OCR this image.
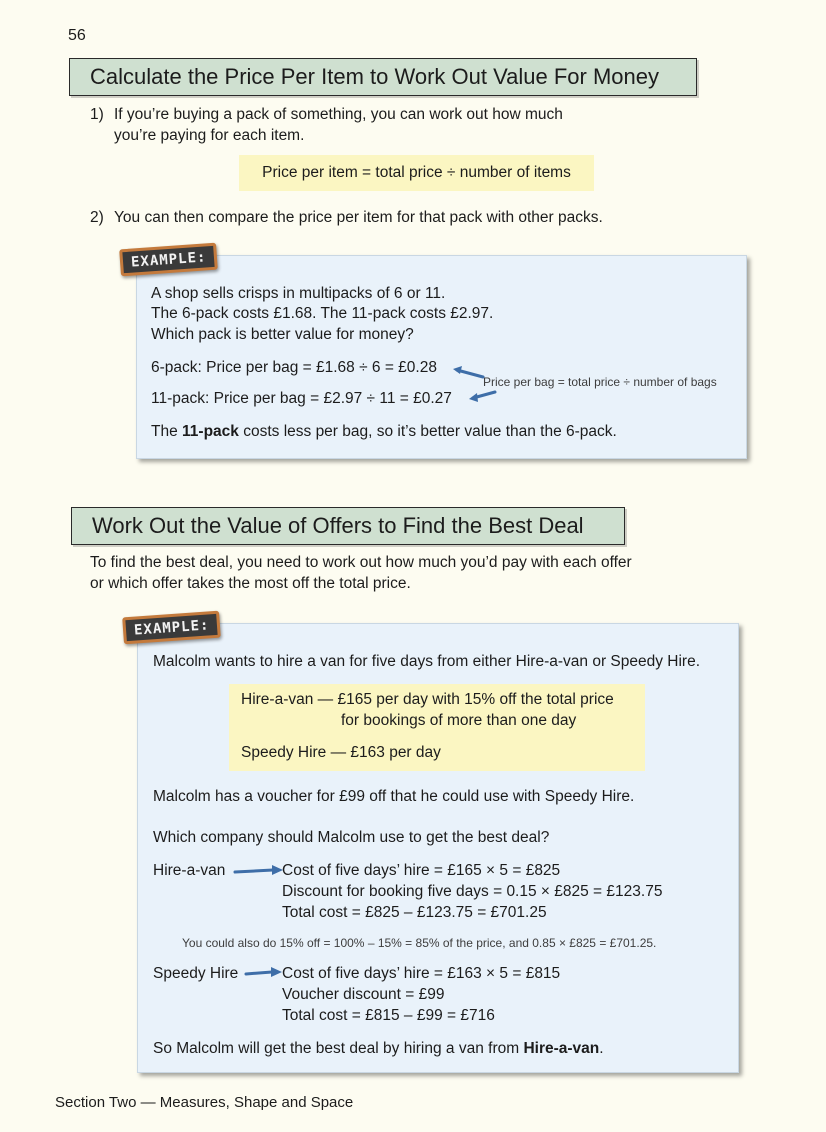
56
Calculate the Price Per Item to Work Out Value For Money
1) If you’re buying a pack of something, you can work out how much
you’re paying for each item.
Price per item = total price ÷ number of items
2) You can then compare the price per item for that pack with other packs.
A shop sells crisps in multipacks of 6 or 11.
The 6-pack costs £1.68. The 11-pack costs £2.97.
Which pack is better value for money?
6-pack: Price per bag = £1.68 ÷ 6 = £0.28
11-pack: Price per bag = £2.97 ÷ 11 = £0.27
Price per bag = total price ÷ number of bags
The 11-pack costs less per bag, so it’s better value than the 6-pack.
EXAMPLE:
Work Out the Value of Offers to Find the Best Deal
To find the best deal, you need to work out how much you’d pay with each offer
or which offer takes the most off the total price.
Malcolm wants to hire a van for five days from either Hire-a-van or Speedy Hire.
Hire-a-van — £165 per day with 15% off the total price
for bookings of more than one day
Speedy Hire — £163 per day
Malcolm has a voucher for £99 off that he could use with Speedy Hire.
Which company should Malcolm use to get the best deal?
Hire-a-van	Cost of five days’ hire = £165 × 5 = £825
Discount for booking five days = 0.15 × £825 = £123.75
Total cost = £825 – £123.75 = £701.25
You could also do 15% off = 100% – 15% = 85% of the price, and 0.85 × £825 = £701.25.
Speedy Hire	Cost of five days’ hire = £163 × 5 = £815
Voucher discount = £99
Total cost = £815 – £99 = £716
So Malcolm will get the best deal by hiring a van from Hire-a-van.
EXAMPLE:
Section Two — Measures, Shape and Space
